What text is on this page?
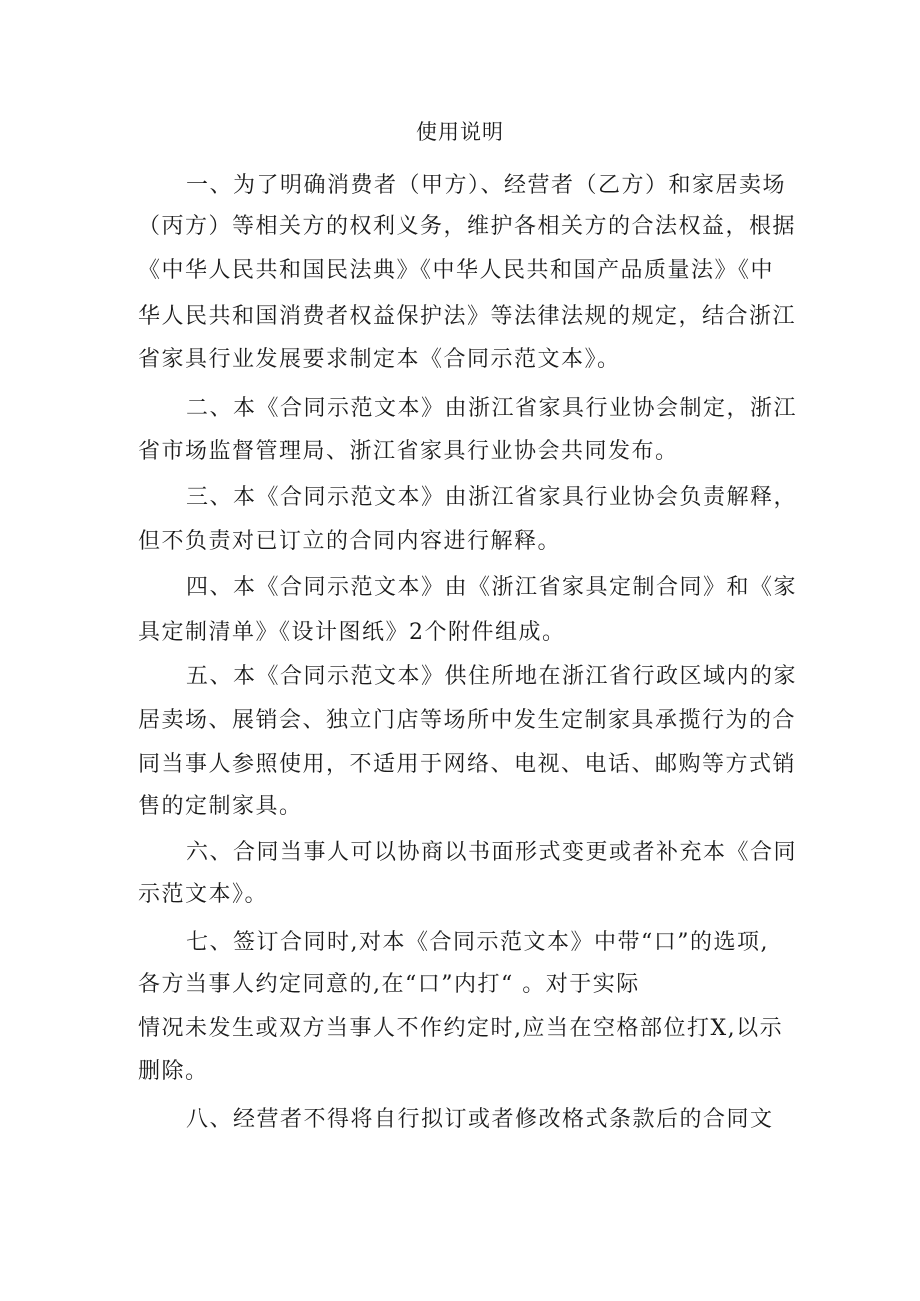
使用说明
一、为了明确消费者（甲方）、经营者（乙方）和家居卖场
（丙方）等相关方的权利义务，维护各相关方的合法权益，根据
《中华人民共和国民法典》《中华人民共和国产品质量法》《中
华人民共和国消费者权益保护法》等法律法规的规定，结合浙江
省家具行业发展要求制定本《合同示范文本》。
二、本《合同示范文本》由浙江省家具行业协会制定，浙江
省市场监督管理局、浙江省家具行业协会共同发布。
三、本《合同示范文本》由浙江省家具行业协会负责解释，
但不负责对已订立的合同内容进行解释。
四、本《合同示范文本》由《浙江省家具定制合同》和《家
具定制清单》《设计图纸》2个附件组成。
五、本《合同示范文本》供住所地在浙江省行政区域内的家
居卖场、展销会、独立门店等场所中发生定制家具承揽行为的合
同当事人参照使用，不适用于网络、电视、电话、邮购等方式销
售的定制家具。
六、合同当事人可以协商以书面形式变更或者补充本《合同
示范文本》。
七、签订合同时,对本《合同示范文本》中带“口”的选项,
各方当事人约定同意的,在“口”内打“ 。对于实际
情况未发生或双方当事人不作约定时,应当在空格部位打X,以示
删除。
八、经营者不得将自行拟订或者修改格式条款后的合同文
